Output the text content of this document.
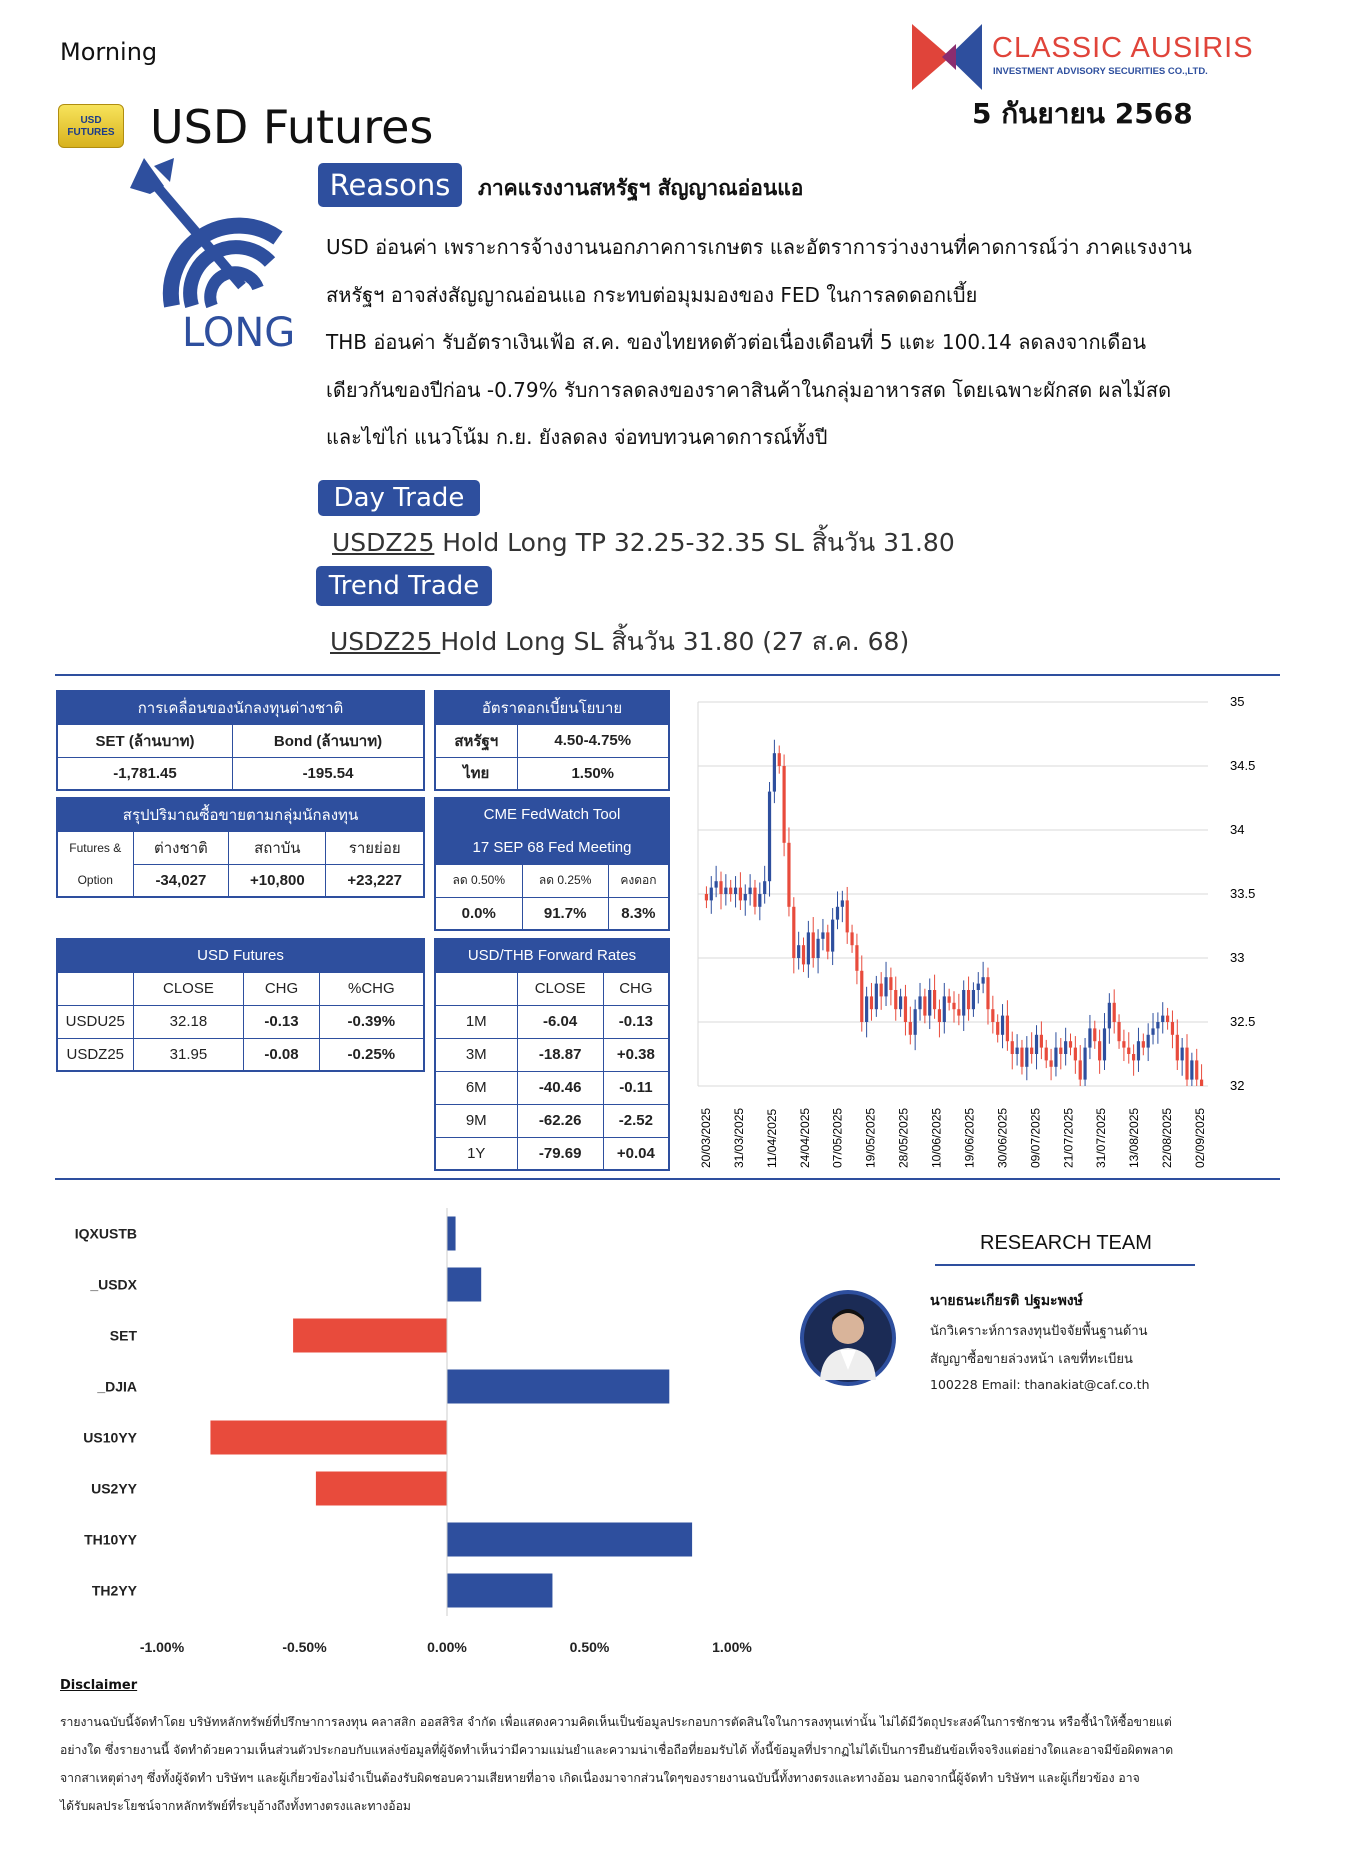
Morning
USD FUTURES USD Futures
CLASSIC AUSIRIS
INVESTMENT ADVISORY SECURITIES CO.,LTD.
5 กันยายน 2568
LONG
Reasons	ภาคแรงงานสหรัฐฯ สัญญาณอ่อนแอ
USD อ่อนค่า เพราะการจ้างงานนอกภาคการเกษตร และอัตราการว่างงานที่คาดการณ์ว่า ภาคแรงงาน
สหรัฐฯ อาจส่งสัญญาณอ่อนแอ กระทบต่อมุมมองของ FED ในการลดดอกเบี้ย
THB อ่อนค่า รับอัตราเงินเฟ้อ ส.ค. ของไทยหดตัวต่อเนื่องเดือนที่ 5 แตะ 100.14 ลดลงจากเดือน
เดียวกันของปีก่อน -0.79% รับการลดลงของราคาสินค้าในกลุ่มอาหารสด โดยเฉพาะผักสด ผลไม้สด
และไข่ไก่ แนวโน้ม ก.ย. ยังลดลง จ่อทบทวนคาดการณ์ทั้งปี
Day Trade
USDZ25 Hold Long TP 32.25-32.35 SL สิ้นวัน 31.80
Trend Trade
USDZ25 Hold Long SL สิ้นวัน 31.80 (27 ส.ค. 68)
การเคลื่อนของนักลงทุนต่างชาติ	
SET (ล้านบาท)	Bond (ล้านบาท)
-1,781.45	-195.54
อัตราดอกเบี้ยนโยบาย	
สหรัฐฯ	4.50-4.75%
ไทย	1.50%
สรุปปริมาณซื้อขายตามกลุ่มนักลงทุน			
Futures &	ต่างชาติ	สถาบัน	รายย่อย
Option	-34,027	+10,800	+23,227
CME FedWatch Tool		
17 SEP 68 Fed Meeting		
ลด 0.50%	ลด 0.25%	คงดอก
0.0%	91.7%	8.3%
USD Futures			
	CLOSE	CHG	%CHG
USDU25	32.18	-0.13	-0.39%
USDZ25	31.95	-0.08	-0.25%
USD/THB Forward Rates		
	CLOSE	CHG
1M	-6.04	-0.13
3M	-18.87	+0.38
6M	-40.46	-0.11
9M	-62.26	-2.52
1Y	-79.69	+0.04
35
34.5
34
33.5
33
32.5
32
20/03/2025 31/03/2025 11/04/2025 24/04/2025 07/05/2025 19/05/2025 28/05/2025 10/06/2025 19/06/2025 30/06/2025 09/07/2025 21/07/2025 31/07/2025 13/08/2025 22/08/2025 02/09/2025
IQXUSTB
_USDX
SET
_DJIA
US10YY
US2YY
TH10YY
TH2YY
-1.00%	-0.50%	0.00%	0.50%	1.00%
RESEARCH TEAM
นายธนะเกียรติ ปฐมะพงษ์
นักวิเคราะห์การลงทุนปัจจัยพื้นฐานด้าน
สัญญาซื้อขายล่วงหน้า เลขที่ทะเบียน
100228 Email: thanakiat@caf.co.th
Disclaimer
รายงานฉบับนี้จัดทำโดย บริษัทหลักทรัพย์ที่ปรึกษาการลงทุน คลาสสิก ออสสิริส จำกัด เพื่อแสดงความคิดเห็นเป็นข้อมูลประกอบการตัดสินใจในการลงทุนเท่านั้น ไม่ได้มีวัตถุประสงค์ในการชักชวน หรือชี้นำให้ซื้อขายแต่
อย่างใด ซึ่งรายงานนี้ จัดทำด้วยความเห็นส่วนตัวประกอบกับแหล่งข้อมูลที่ผู้จัดทำเห็นว่ามีความแม่นยำและความน่าเชื่อถือที่ยอมรับได้ ทั้งนี้ข้อมูลที่ปรากฏไม่ได้เป็นการยืนยันข้อเท็จจริงแต่อย่างใดและอาจมีข้อผิดพลาด
จากสาเหตุต่างๆ ซึ่งทั้งผู้จัดทำ บริษัทฯ และผู้เกี่ยวข้องไม่จำเป็นต้องรับผิดชอบความเสียหายที่อาจ เกิดเนื่องมาจากส่วนใดๆของรายงานฉบับนี้ทั้งทางตรงและทางอ้อม นอกจากนี้ผู้จัดทำ บริษัทฯ และผู้เกี่ยวข้อง อาจ
ได้รับผลประโยชน์จากหลักทรัพย์ที่ระบุอ้างถึงทั้งทางตรงและทางอ้อม
